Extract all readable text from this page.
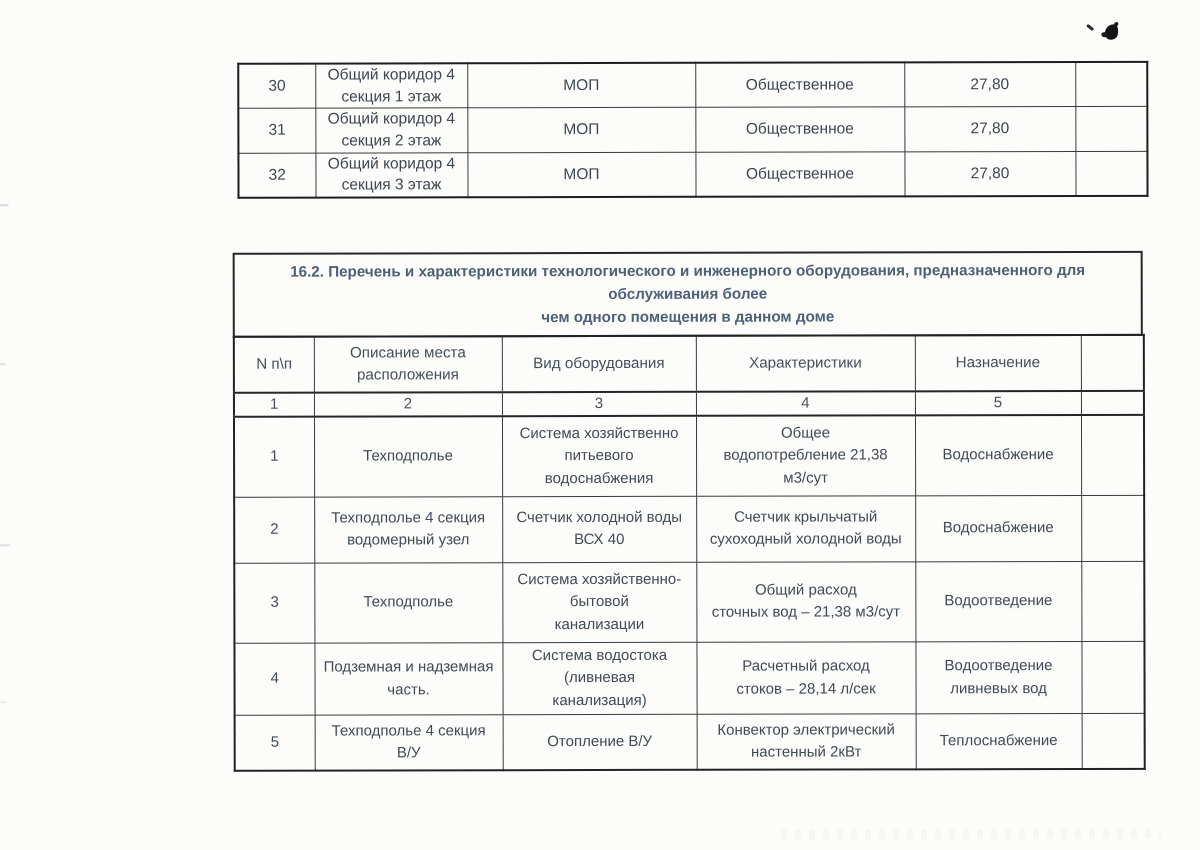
30	Общий коридор 4
секция 1 этаж	МОП	Общественное	27,80	
31	Общий коридор 4
секция 2 этаж	МОП	Общественное	27,80	
32	Общий коридор 4
секция 3 этаж	МОП	Общественное	27,80	
16.2. Перечень и характеристики технологического и инженерного оборудования, предназначенного для обслуживания более
чем одного помещения в данном доме
N п\п	Описание места расположения	Вид оборудования	Характеристики	Назначение	
1	2	3	4	5	
1	Техподполье	Система хозяйственно питьевого водоснабжения	Общее
водопотребление 21,38
м3/сут	Водоснабжение	
2	Техподполье 4 секция
водомерный узел	Счетчик холодной воды
ВСХ 40	Счетчик крыльчатый
сухоходный холодной воды	Водоснабжение	
3	Техподполье	Система хозяйственно-
бытовой
канализации	Общий расход
сточных вод – 21,38 м3/сут	Водоотведение	
4	Подземная и надземная
часть.	Система водостока
(ливневая
канализация)	Расчетный расход
стоков – 28,14 л/сек	Водоотведение
ливневых вод	
5	Техподполье 4 секция
В/У	Отопление В/У	Конвектор электрический
настенный 2кВт	Теплоснабжение	
